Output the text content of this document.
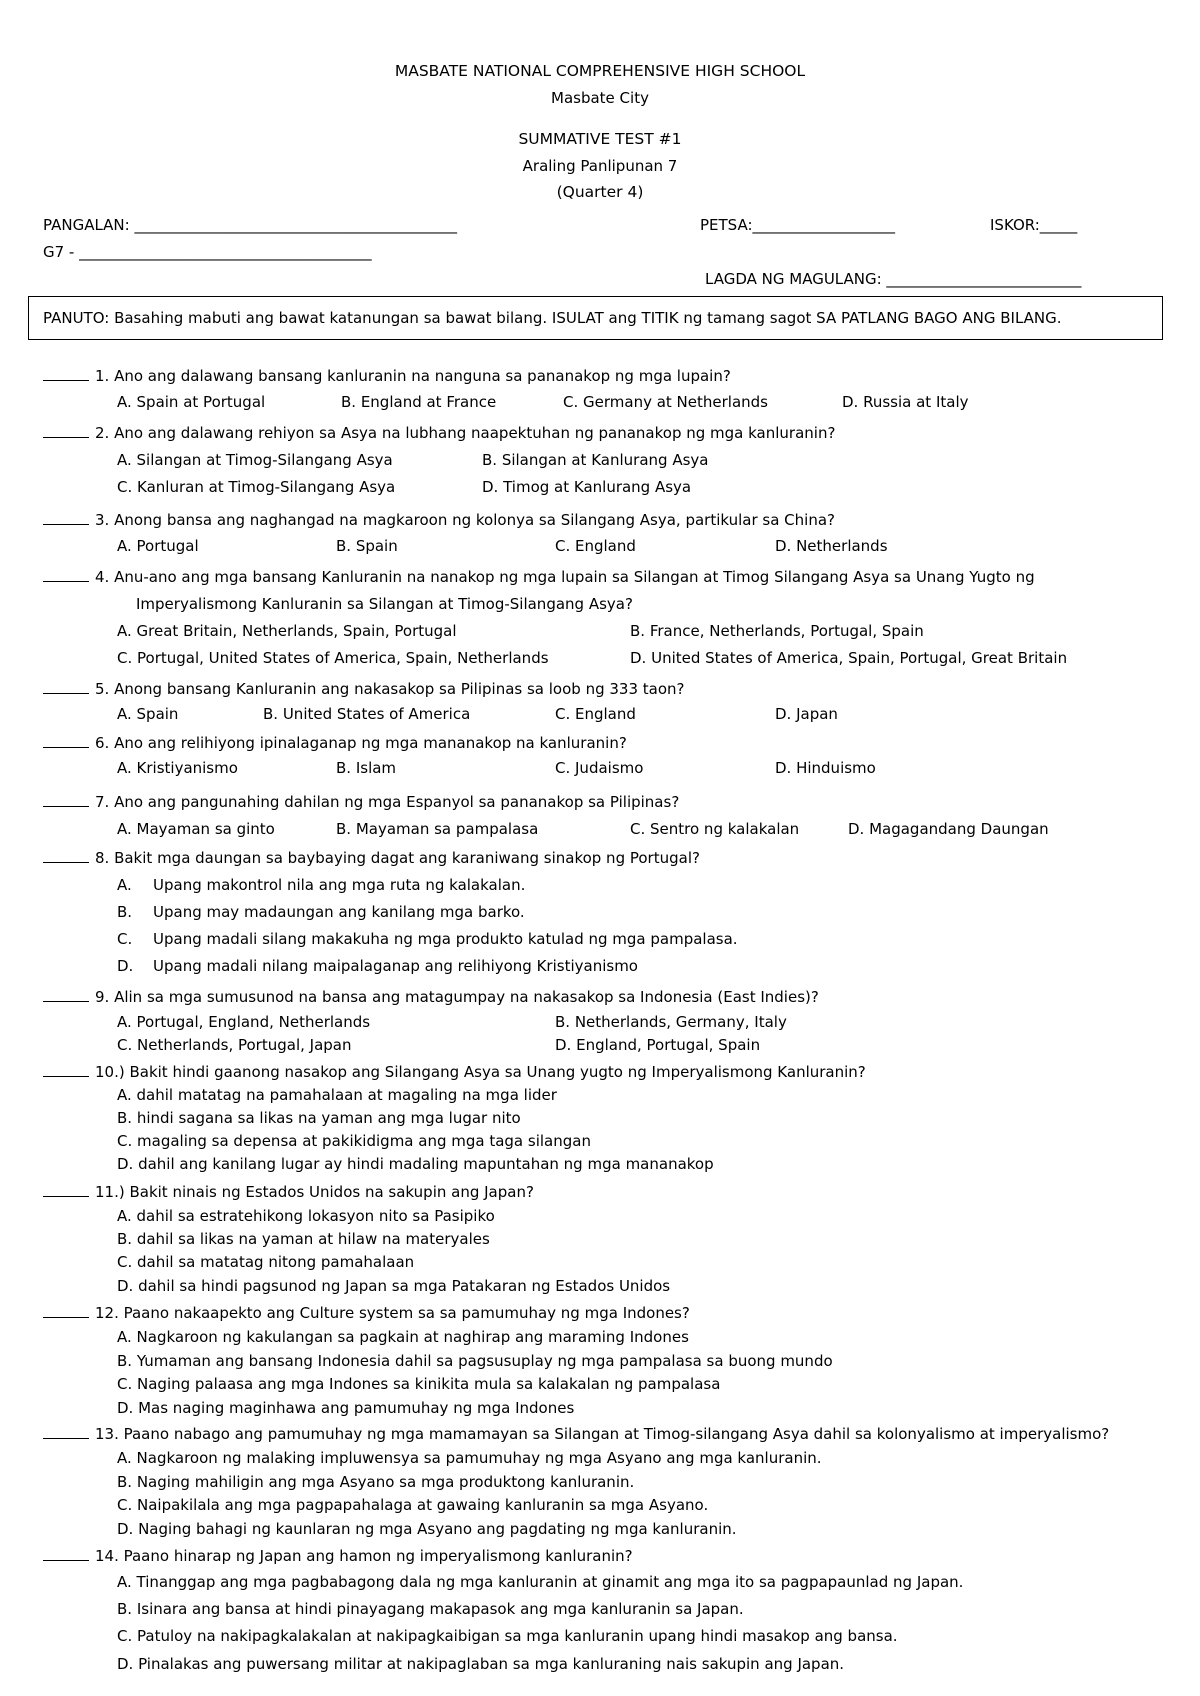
MASBATE NATIONAL COMPREHENSIVE HIGH SCHOOL
Masbate City
SUMMATIVE TEST #1
Araling Panlipunan 7
(Quarter 4)
PANGALAN: ___________________________________________	PETSA:___________________	ISKOR:_____
G7 - _______________________________________
LAGDA NG MAGULANG: __________________________
PANUTO: Basahing mabuti ang bawat katanungan sa bawat bilang. ISULAT ang TITIK ng tamang sagot SA PATLANG BAGO ANG BILANG.
1. Ano ang dalawang bansang kanluranin na nanguna sa pananakop ng mga lupain?
A. Spain at Portugal	B. England at France	C. Germany at Netherlands	D. Russia at Italy
2. Ano ang dalawang rehiyon sa Asya na lubhang naapektuhan ng pananakop ng mga kanluranin?
A. Silangan at Timog-Silangang Asya	B. Silangan at Kanlurang Asya
C. Kanluran at Timog-Silangang Asya	D. Timog at Kanlurang Asya
3. Anong bansa ang naghangad na magkaroon ng kolonya sa Silangang Asya, partikular sa China?
A. Portugal	B. Spain	C. England	D. Netherlands
4. Anu-ano ang mga bansang Kanluranin na nanakop ng mga lupain sa Silangan at Timog Silangang Asya sa Unang Yugto ng
Imperyalismong Kanluranin sa Silangan at Timog-Silangang Asya?
A. Great Britain, Netherlands, Spain, Portugal	B. France, Netherlands, Portugal, Spain
C. Portugal, United States of America, Spain, Netherlands	D. United States of America, Spain, Portugal, Great Britain
5. Anong bansang Kanluranin ang nakasakop sa Pilipinas sa loob ng 333 taon?
A. Spain	B. United States of America	C. England	D. Japan
6. Ano ang relihiyong ipinalaganap ng mga mananakop na kanluranin?
A. Kristiyanismo	B. Islam	C. Judaismo	D. Hinduismo
7. Ano ang pangunahing dahilan ng mga Espanyol sa pananakop sa Pilipinas?
A. Mayaman sa ginto	B. Mayaman sa pampalasa	C. Sentro ng kalakalan	D. Magagandang Daungan
8. Bakit mga daungan sa baybaying dagat ang karaniwang sinakop ng Portugal?
A. Upang makontrol nila ang mga ruta ng kalakalan.
B. Upang may madaungan ang kanilang mga barko.
C. Upang madali silang makakuha ng mga produkto katulad ng mga pampalasa.
D. Upang madali nilang maipalaganap ang relihiyong Kristiyanismo
9. Alin sa mga sumusunod na bansa ang matagumpay na nakasakop sa Indonesia (East Indies)?
A. Portugal, England, Netherlands	B. Netherlands, Germany, Italy
C. Netherlands, Portugal, Japan	D. England, Portugal, Spain
10.) Bakit hindi gaanong nasakop ang Silangang Asya sa Unang yugto ng Imperyalismong Kanluranin?
A. dahil matatag na pamahalaan at magaling na mga lider
B. hindi sagana sa likas na yaman ang mga lugar nito
C. magaling sa depensa at pakikidigma ang mga taga silangan
D. dahil ang kanilang lugar ay hindi madaling mapuntahan ng mga mananakop
11.) Bakit ninais ng Estados Unidos na sakupin ang Japan?
A. dahil sa estratehikong lokasyon nito sa Pasipiko
B. dahil sa likas na yaman at hilaw na materyales
C. dahil sa matatag nitong pamahalaan
D. dahil sa hindi pagsunod ng Japan sa mga Patakaran ng Estados Unidos
12. Paano nakaapekto ang Culture system sa sa pamumuhay ng mga Indones?
A. Nagkaroon ng kakulangan sa pagkain at naghirap ang maraming Indones
B. Yumaman ang bansang Indonesia dahil sa pagsusuplay ng mga pampalasa sa buong mundo
C. Naging palaasa ang mga Indones sa kinikita mula sa kalakalan ng pampalasa
D. Mas naging maginhawa ang pamumuhay ng mga Indones
13. Paano nabago ang pamumuhay ng mga mamamayan sa Silangan at Timog-silangang Asya dahil sa kolonyalismo at imperyalismo?
A. Nagkaroon ng malaking impluwensya sa pamumuhay ng mga Asyano ang mga kanluranin.
B. Naging mahiligin ang mga Asyano sa mga produktong kanluranin.
C. Naipakilala ang mga pagpapahalaga at gawaing kanluranin sa mga Asyano.
D. Naging bahagi ng kaunlaran ng mga Asyano ang pagdating ng mga kanluranin.
14. Paano hinarap ng Japan ang hamon ng imperyalismong kanluranin?
A. Tinanggap ang mga pagbabagong dala ng mga kanluranin at ginamit ang mga ito sa pagpapaunlad ng Japan.
B. Isinara ang bansa at hindi pinayagang makapasok ang mga kanluranin sa Japan.
C. Patuloy na nakipagkalakalan at nakipagkaibigan sa mga kanluranin upang hindi masakop ang bansa.
D. Pinalakas ang puwersang militar at nakipaglaban sa mga kanluraning nais sakupin ang Japan.
